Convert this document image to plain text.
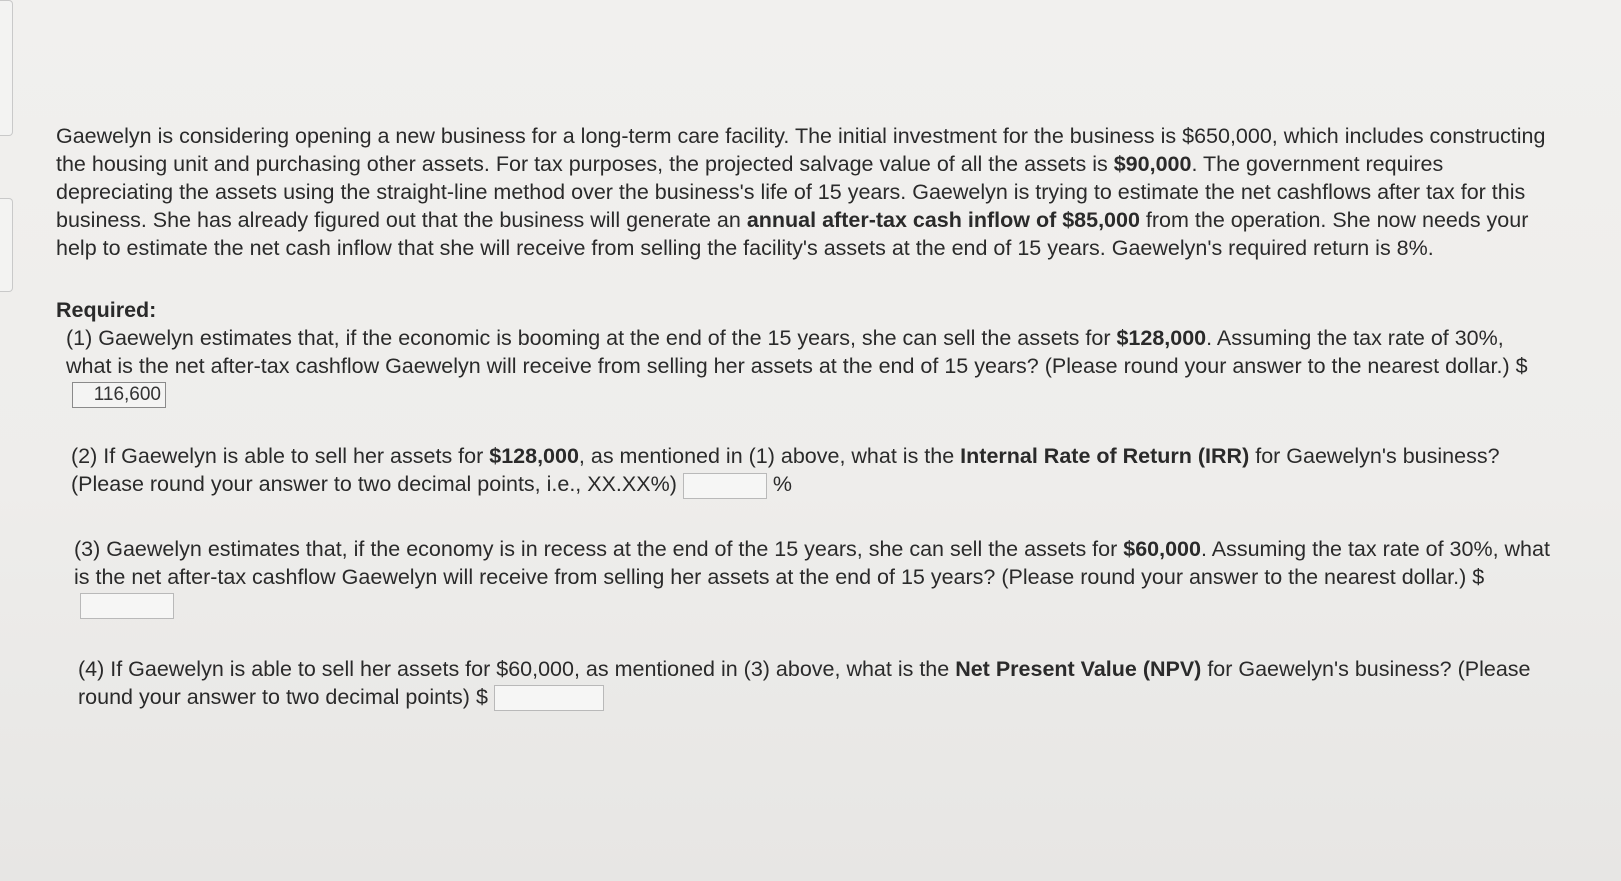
Gaewelyn is considering opening a new business for a long-term care facility. The initial investment for the business is $650,000, which includes constructing the housing unit and purchasing other assets. For tax purposes, the projected salvage value of all the assets is $90,000. The government requires depreciating the assets using the straight-line method over the business's life of 15 years. Gaewelyn is trying to estimate the net cashflows after tax for this business. She has already figured out that the business will generate an annual after-tax cash inflow of $85,000 from the operation. She now needs your help to estimate the net cash inflow that she will receive from selling the facility's assets at the end of 15 years. Gaewelyn's required return is 8%.

Required:

(1) Gaewelyn estimates that, if the economic is booming at the end of the 15 years, she can sell the assets for $128,000. Assuming the tax rate of 30%, what is the net after-tax cashflow Gaewelyn will receive from selling her assets at the end of 15 years? (Please round your answer to the nearest dollar.) $116,600

(2) If Gaewelyn is able to sell her assets for $128,000, as mentioned in (1) above, what is the Internal Rate of Return (IRR) for Gaewelyn's business? (Please round your answer to two decimal points, i.e., XX.XX%)	%

(3) Gaewelyn estimates that, if the economy is in recess at the end of the 15 years, she can sell the assets for $60,000. Assuming the tax rate of 30%, what is the net after-tax cashflow Gaewelyn will receive from selling her assets at the end of 15 years? (Please round your answer to the nearest dollar.) $

(4) If Gaewelyn is able to sell her assets for $60,000, as mentioned in (3) above, what is the Net Present Value (NPV) for Gaewelyn's business? (Please round your answer to two decimal points) $
